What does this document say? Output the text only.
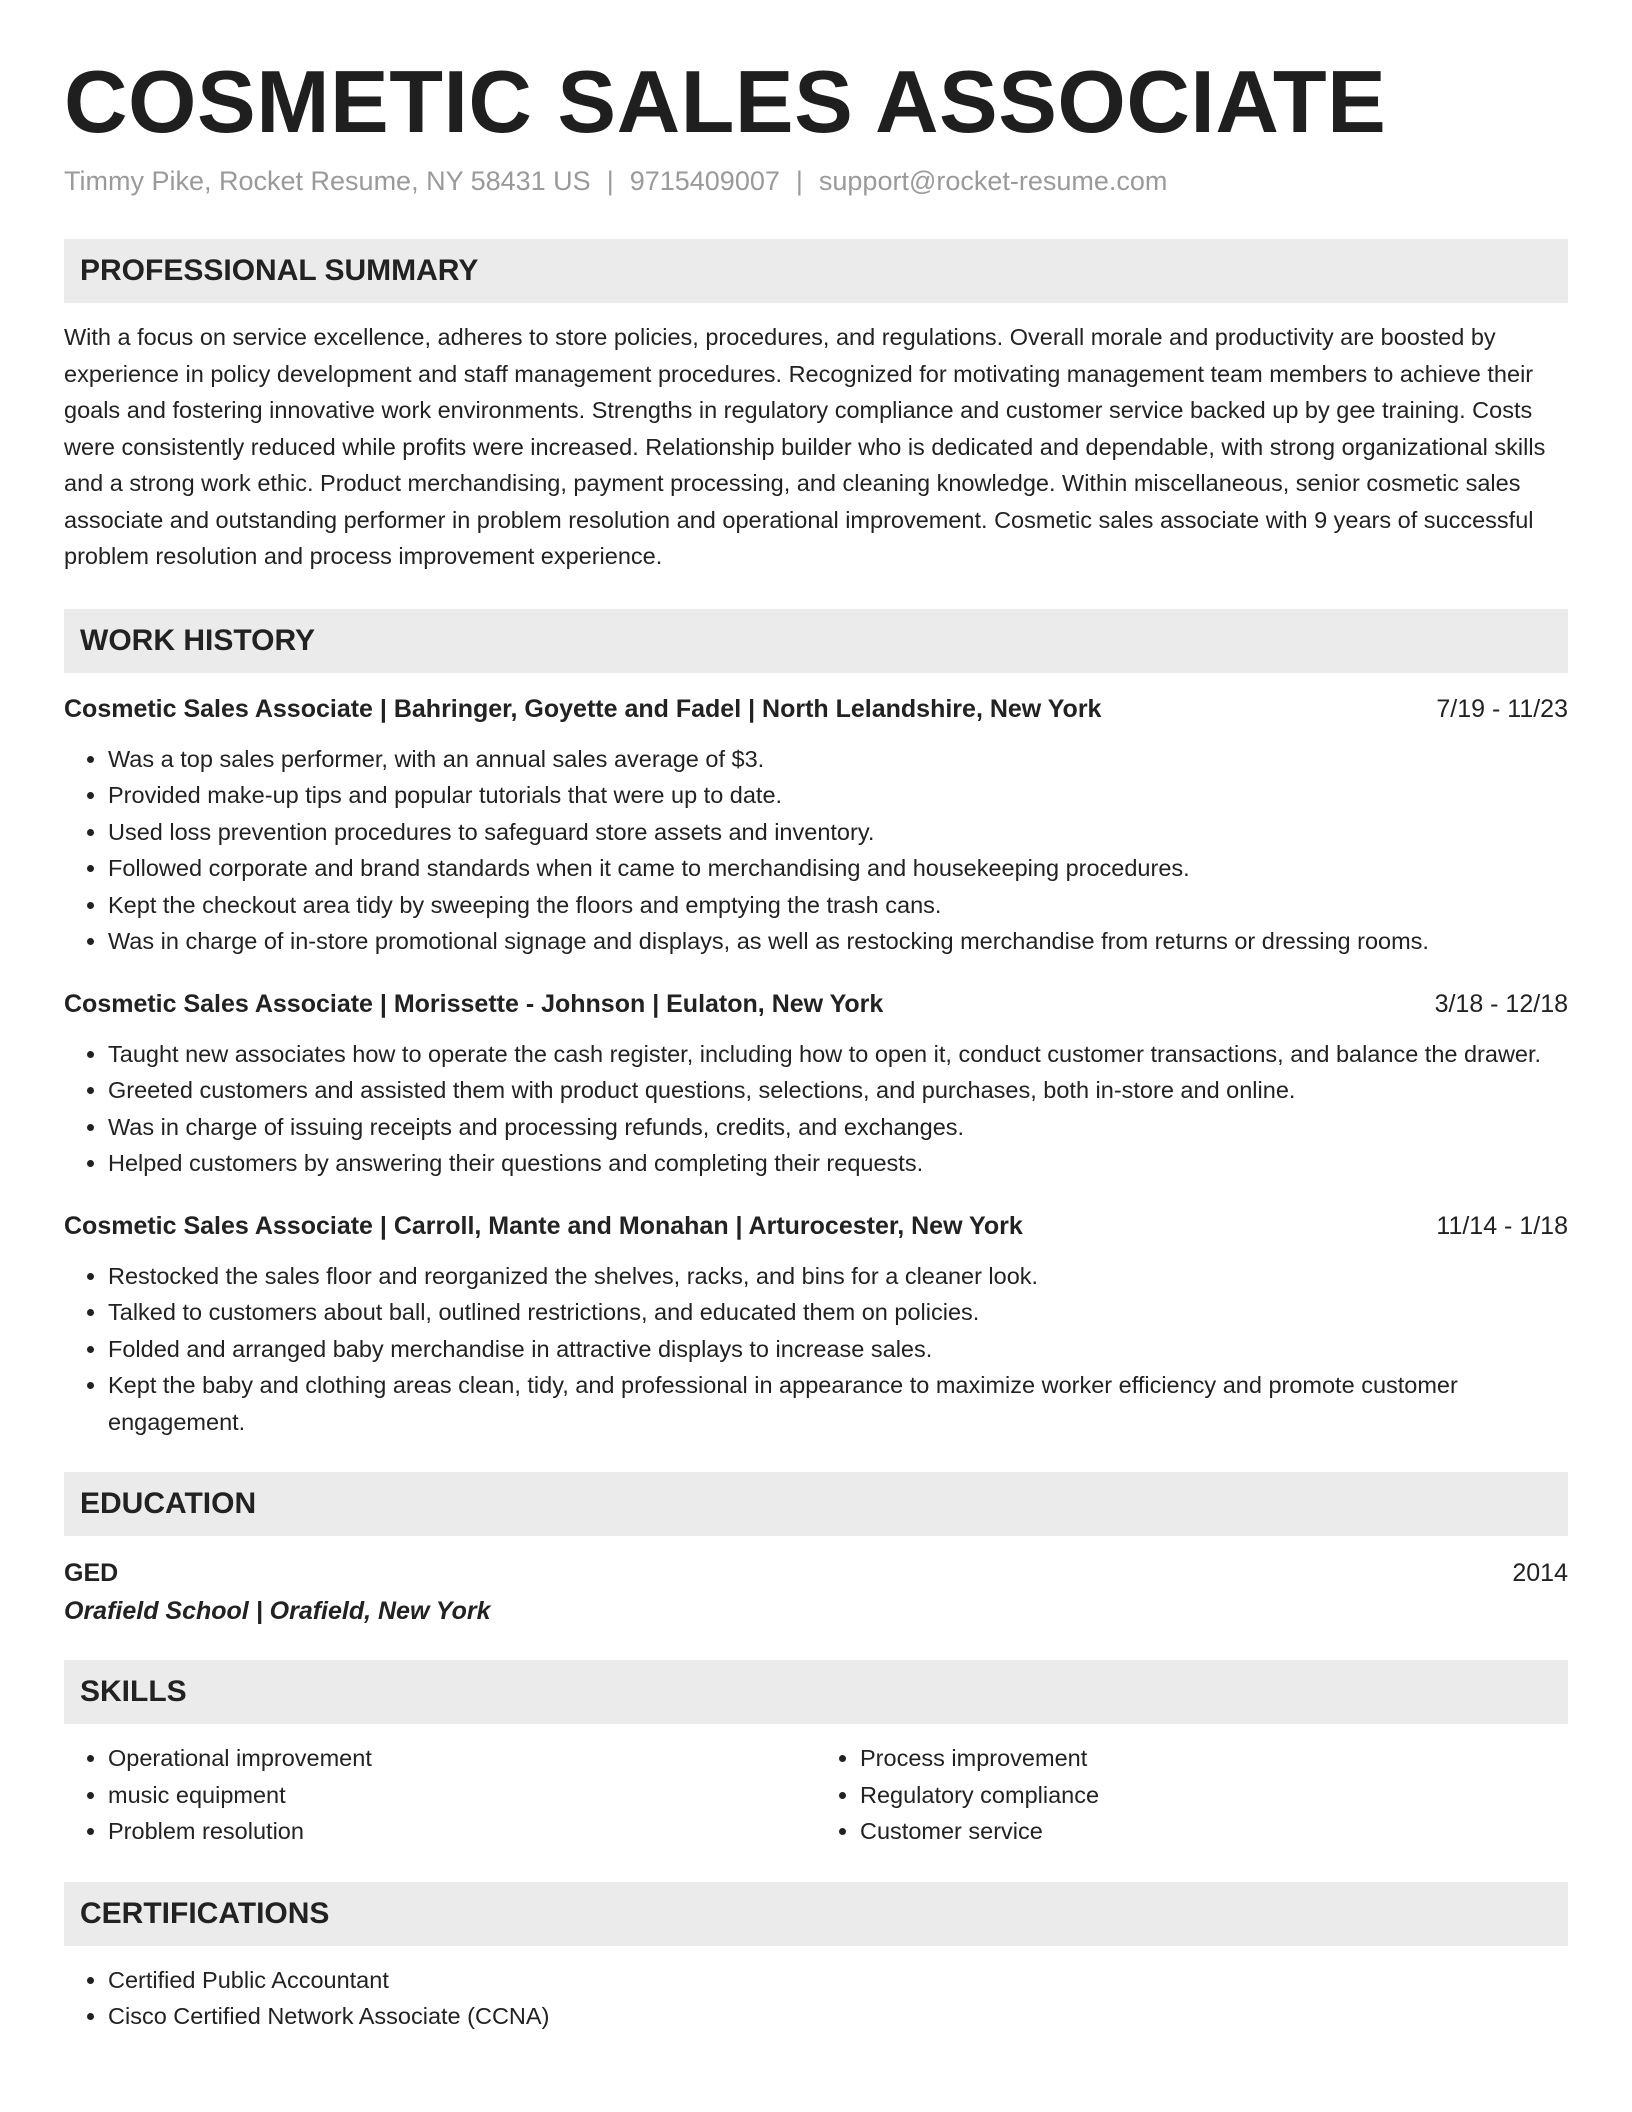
COSMETIC SALES ASSOCIATE
Timmy Pike, Rocket Resume, NY 58431 US | 9715409007 | support@rocket-resume.com
PROFESSIONAL SUMMARY
With a focus on service excellence, adheres to store policies, procedures, and regulations. Overall morale and productivity are boosted by experience in policy development and staff management procedures. Recognized for motivating management team members to achieve their goals and fostering innovative work environments. Strengths in regulatory compliance and customer service backed up by gee training. Costs were consistently reduced while profits were increased. Relationship builder who is dedicated and dependable, with strong organizational skills and a strong work ethic. Product merchandising, payment processing, and cleaning knowledge. Within miscellaneous, senior cosmetic sales associate and outstanding performer in problem resolution and operational improvement. Cosmetic sales associate with 9 years of successful problem resolution and process improvement experience.
WORK HISTORY
Cosmetic Sales Associate | Bahringer, Goyette and Fadel | North Lelandshire, New York	7/19 - 11/23
• Was a top sales performer, with an annual sales average of $3.
• Provided make-up tips and popular tutorials that were up to date.
• Used loss prevention procedures to safeguard store assets and inventory.
• Followed corporate and brand standards when it came to merchandising and housekeeping procedures.
• Kept the checkout area tidy by sweeping the floors and emptying the trash cans.
• Was in charge of in-store promotional signage and displays, as well as restocking merchandise from returns or dressing rooms.
Cosmetic Sales Associate | Morissette - Johnson | Eulaton, New York	3/18 - 12/18
• Taught new associates how to operate the cash register, including how to open it, conduct customer transactions, and balance the drawer.
• Greeted customers and assisted them with product questions, selections, and purchases, both in-store and online.
• Was in charge of issuing receipts and processing refunds, credits, and exchanges.
• Helped customers by answering their questions and completing their requests.
Cosmetic Sales Associate | Carroll, Mante and Monahan | Arturocester, New York	11/14 - 1/18
• Restocked the sales floor and reorganized the shelves, racks, and bins for a cleaner look.
• Talked to customers about ball, outlined restrictions, and educated them on policies.
• Folded and arranged baby merchandise in attractive displays to increase sales.
• Kept the baby and clothing areas clean, tidy, and professional in appearance to maximize worker efficiency and promote customer engagement.
EDUCATION
GED	2014
Orafield School | Orafield, New York
SKILLS
• Operational improvement
• music equipment
• Problem resolution
• Process improvement
• Regulatory compliance
• Customer service
CERTIFICATIONS
• Certified Public Accountant
• Cisco Certified Network Associate (CCNA)
